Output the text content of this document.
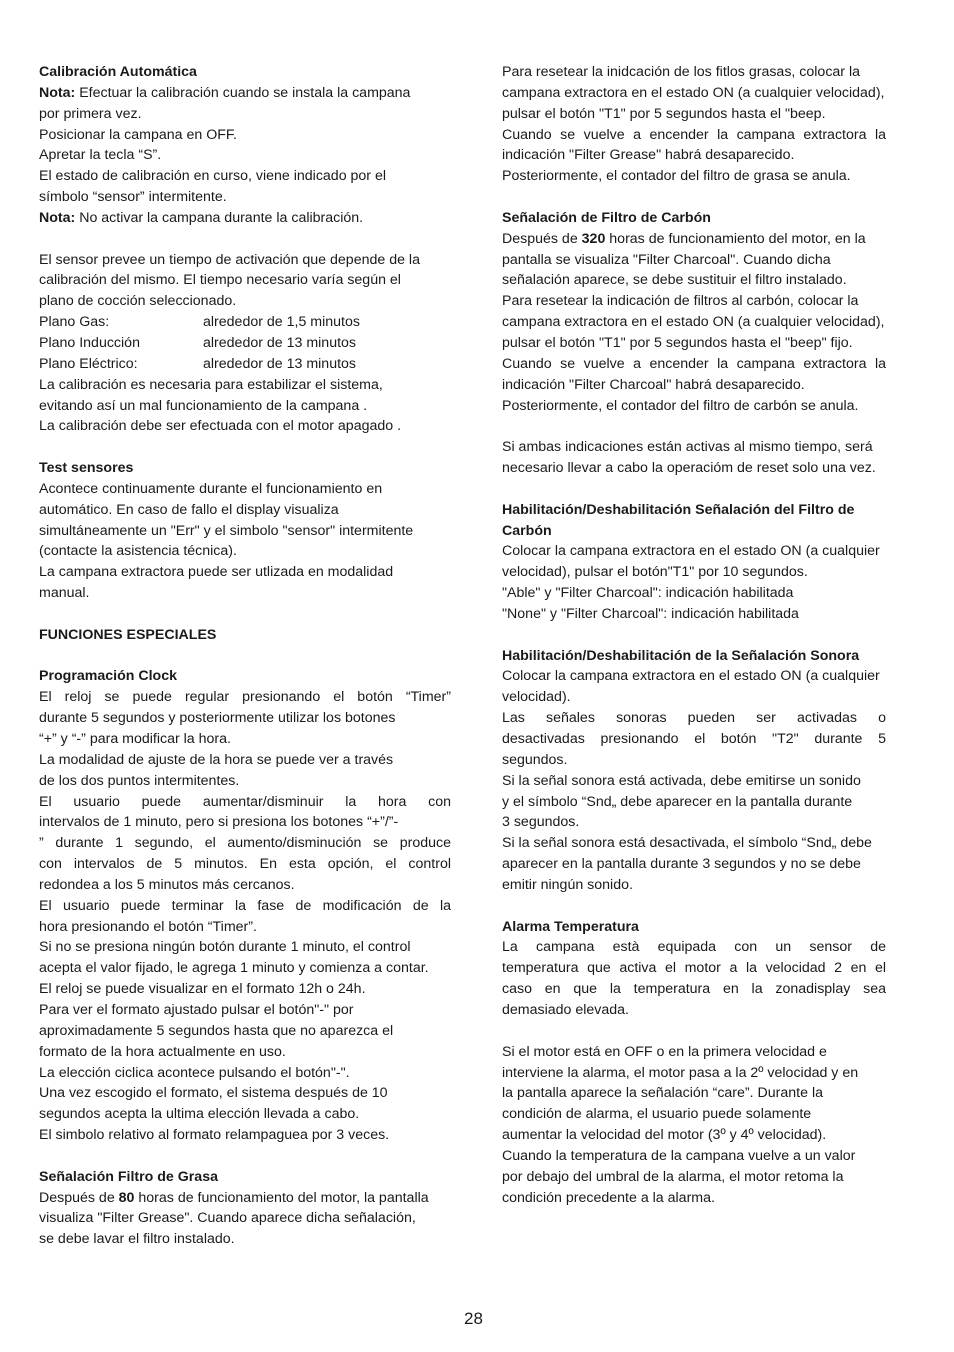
Calibración Automática
Nota: Efectuar la calibración cuando se instala la campana
por primera vez.
Posicionar la campana en OFF.
Apretar la tecla “S”.
El estado de calibración en curso, viene indicado por el
símbolo “sensor” intermitente.
Nota: No activar la campana durante la calibración.
El sensor prevee un tiempo de activación que depende de la
calibración del mismo. El tiempo necesario varía según el
plano de cocción seleccionado.
Plano Gas:	alrededor de 1,5 minutos
Plano Inducción	alrededor de 13 minutos
Plano Eléctrico:	alrededor de 13 minutos
La calibración es necesaria para estabilizar el sistema,
evitando así un mal funcionamiento de la campana .
La calibración debe ser efectuada con el motor apagado .
Test sensores
Acontece continuamente durante el funcionamiento en
automático. En caso de fallo el display visualiza
simultáneamente un "Err" y el simbolo "sensor" intermitente
(contacte la asistencia técnica).
La campana extractora puede ser utlizada en modalidad
manual.
FUNCIONES ESPECIALES
Programación Clock
El reloj se puede regular presionando el botón “Timer”
durante 5 segundos y posteriormente utilizar los botones
“+” y “-” para modificar la hora.
La modalidad de ajuste de la hora se puede ver a través
de los dos puntos intermitentes.
El usuario puede aumentar/disminuir la hora con
intervalos de 1 minuto, pero si presiona los botones “+”/”-
” durante 1 segundo, el aumento/disminución se produce
con intervalos de 5 minutos. En esta opción, el control
redondea a los 5 minutos más cercanos.
El usuario puede terminar la fase de modificación de la
hora presionando el botón “Timer”.
Si no se presiona ningún botón durante 1 minuto, el control
acepta el valor fijado, le agrega 1 minuto y comienza a contar.
El reloj se puede visualizar en el formato 12h o 24h.
Para ver el formato ajustado pulsar el botón"-" por
aproximadamente 5 segundos hasta que no aparezca el
formato de la hora actualmente en uso.
La elección ciclica acontece pulsando el botón"-".
Una vez escogido el formato, el sistema después de 10
segundos acepta la ultima elección llevada a cabo.
El simbolo relativo al formato relampaguea por 3 veces.
Señalación Filtro de Grasa
Después de 80 horas de funcionamiento del motor, la pantalla
visualiza "Filter Grease". Cuando aparece dicha señalación,
se debe lavar el filtro instalado.
Para resetear la inidcación de los fitlos grasas, colocar la
campana extractora en el estado ON (a cualquier velocidad),
pulsar el botón "T1" por 5 segundos hasta el "beep.
Cuando se vuelve a encender la campana extractora la
indicación "Filter Grease" habrá desaparecido.
Posteriormente, el contador del filtro de grasa se anula.
Señalación de Filtro de Carbón
Después de 320 horas de funcionamiento del motor, en la
pantalla se visualiza "Filter Charcoal". Cuando dicha
señalación aparece, se debe sustituir el filtro instalado.
Para resetear la indicación de filtros al carbón, colocar la
campana extractora en el estado ON (a cualquier velocidad),
pulsar el botón "T1" por 5 segundos hasta el "beep" fijo.
Cuando se vuelve a encender la campana extractora la
indicación "Filter Charcoal" habrá desaparecido.
Posteriormente, el contador del filtro de carbón se anula.
Si ambas indicaciones están activas al mismo tiempo, será
necesario llevar a cabo la operacióm de reset solo una vez.
Habilitación/Deshabilitación Señalación del Filtro de
Carbón
Colocar la campana extractora en el estado ON (a cualquier
velocidad), pulsar el botón"T1" por 10 segundos.
"Able" y "Filter Charcoal": indicación habilitada
"None" y "Filter Charcoal": indicación habilitada
Habilitación/Deshabilitación de la Señalación Sonora
Colocar la campana extractora en el estado ON (a cualquier
velocidad).
Las señales sonoras pueden ser activadas o
desactivadas presionando el botón "T2" durante 5
segundos.
Si la señal sonora está activada, debe emitirse un sonido
y el símbolo “Snd„ debe aparecer en la pantalla durante
3 segundos.
Si la señal sonora está desactivada, el símbolo “Snd„ debe
aparecer en la pantalla durante 3 segundos y no se debe
emitir ningún sonido.
Alarma Temperatura
La campana està equipada con un sensor de
temperatura que activa el motor a la velocidad 2 en el
caso en que la temperatura en la zonadisplay sea
demasiado elevada.
Si el motor está en OFF o en la primera velocidad e
interviene la alarma, el motor pasa a la 2º velocidad y en
la pantalla aparece la señalación “care”. Durante la
condición de alarma, el usuario puede solamente
aumentar la velocidad del motor (3º y 4º velocidad).
Cuando la temperatura de la campana vuelve a un valor
por debajo del umbral de la alarma, el motor retoma la
condición precedente a la alarma.
28
